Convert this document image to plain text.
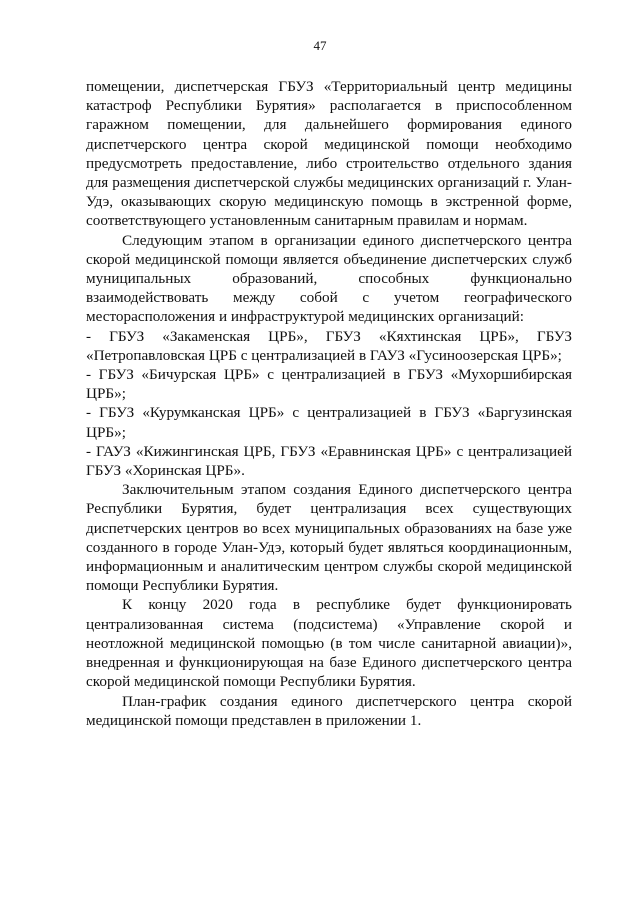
47

помещении, диспетчерская ГБУЗ «Территориальный центр медицины катастроф Республики Бурятия» располагается в приспособленном гаражном помещении, для дальнейшего формирования единого диспетчерского центра скорой медицинской помощи необходимо предусмотреть предоставление, либо строительство отдельного здания для размещения диспетчерской службы медицинских организаций г. Улан-Удэ, оказывающих скорую медицинскую помощь в экстренной форме, соответствующего установленным санитарным правилам и нормам.

Следующим этапом в организации единого диспетчерского центра скорой медицинской помощи является объединение диспетчерских служб муниципальных образований, способных функционально взаимодействовать между собой с учетом географического месторасположения и инфраструктурой медицинских организаций:

- ГБУЗ «Закаменская ЦРБ», ГБУЗ «Кяхтинская ЦРБ», ГБУЗ «Петропавловская ЦРБ с централизацией в ГАУЗ «Гусиноозерская ЦРБ»;

- ГБУЗ «Бичурская ЦРБ» с централизацией в ГБУЗ «Мухоршибирская ЦРБ»;

- ГБУЗ «Курумканская ЦРБ» с централизацией в ГБУЗ «Баргузинская ЦРБ»;

- ГАУЗ «Кижингинская ЦРБ, ГБУЗ «Еравнинская ЦРБ» с централизацией ГБУЗ «Хоринская ЦРБ».

Заключительным этапом создания Единого диспетчерского центра Республики Бурятия, будет централизация всех существующих диспетчерских центров во всех муниципальных образованиях на базе уже созданного в городе Улан-Удэ, который будет являться координационным, информационным и аналитическим центром службы скорой медицинской помощи Республики Бурятия.

К концу 2020 года в республике будет функционировать централизованная система (подсистема) «Управление скорой и неотложной медицинской помощью (в том числе санитарной авиации)», внедренная и функционирующая на базе Единого диспетчерского центра скорой медицинской помощи Республики Бурятия.

План-график создания единого диспетчерского центра скорой медицинской помощи представлен в приложении 1.
